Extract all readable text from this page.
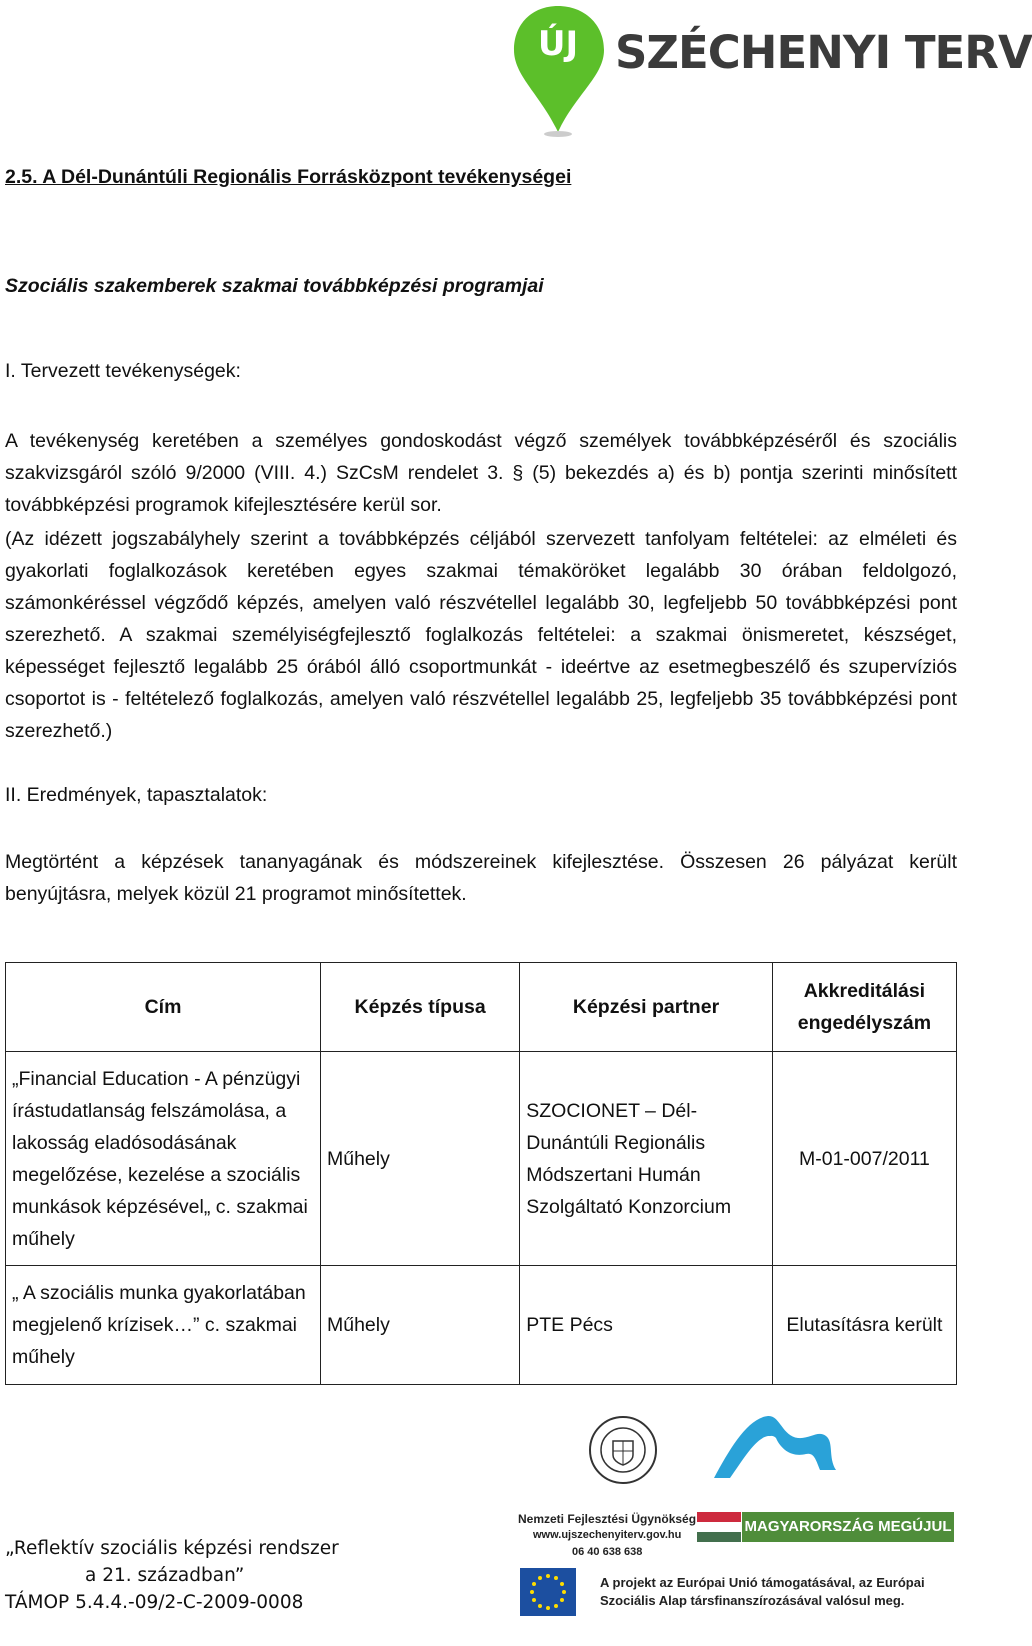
ÚJ SZÉCHENYI TERV
2.5. A Dél-Dunántúli Regionális Forrásközpont tevékenységei
Szociális szakemberek szakmai továbbképzési programjai
I. Tervezett tevékenységek:
A tevékenység keretében a személyes gondoskodást végző személyek továbbképzéséről és szociális szakvizsgáról szóló 9/2000 (VIII. 4.) SzCsM rendelet 3. § (5) bekezdés a) és b) pontja szerinti minősített továbbképzési programok kifejlesztésére kerül sor.
(Az idézett jogszabályhely szerint a továbbképzés céljából szervezett tanfolyam feltételei: az elméleti és gyakorlati foglalkozások keretében egyes szakmai témaköröket legalább 30 órában feldolgozó, számonkéréssel végződő képzés, amelyen való részvétellel legalább 30, legfeljebb 50 továbbképzési pont szerezhető. A szakmai személyiségfejlesztő foglalkozás feltételei: a szakmai önismeretet, készséget, képességet fejlesztő legalább 25 órából álló csoportmunkát - ideértve az esetmegbeszélő és szupervíziós csoportot is - feltételező foglalkozás, amelyen való részvétellel legalább 25, legfeljebb 35 továbbképzési pont szerezhető.)
II. Eredmények, tapasztalatok:
Megtörtént a képzések tananyagának és módszereinek kifejlesztése. Összesen 26 pályázat került benyújtásra, melyek közül 21 programot minősítettek.
Cím	Képzés típusa	Képzési partner	Akkreditálási engedélyszám
„Financial Education - A pénzügyi írástudatlanság felszámolása, a lakosság eladósodásának megelőzése, kezelése a szociális munkások képzésével„ c. szakmai műhely	Műhely	SZOCIONET – Dél-Dunántúli Regionális Módszertani Humán Szolgáltató Konzorcium	M-01-007/2011
„ A szociális munka gyakorlatában megjelenő krízisek…” c. szakmai műhely	Műhely	PTE Pécs	Elutasításra került
„Reflektív szociális képzési rendszer
a 21. században”
TÁMOP 5.4.4.-09/2-C-2009-0008
Nemzeti Fejlesztési Ügynökség
www.ujszechenyiterv.gov.hu
06 40 638 638
MAGYARORSZÁG MEGÚJUL
A projekt az Európai Unió támogatásával, az Európai
Szociális Alap társfinanszírozásával valósul meg.
